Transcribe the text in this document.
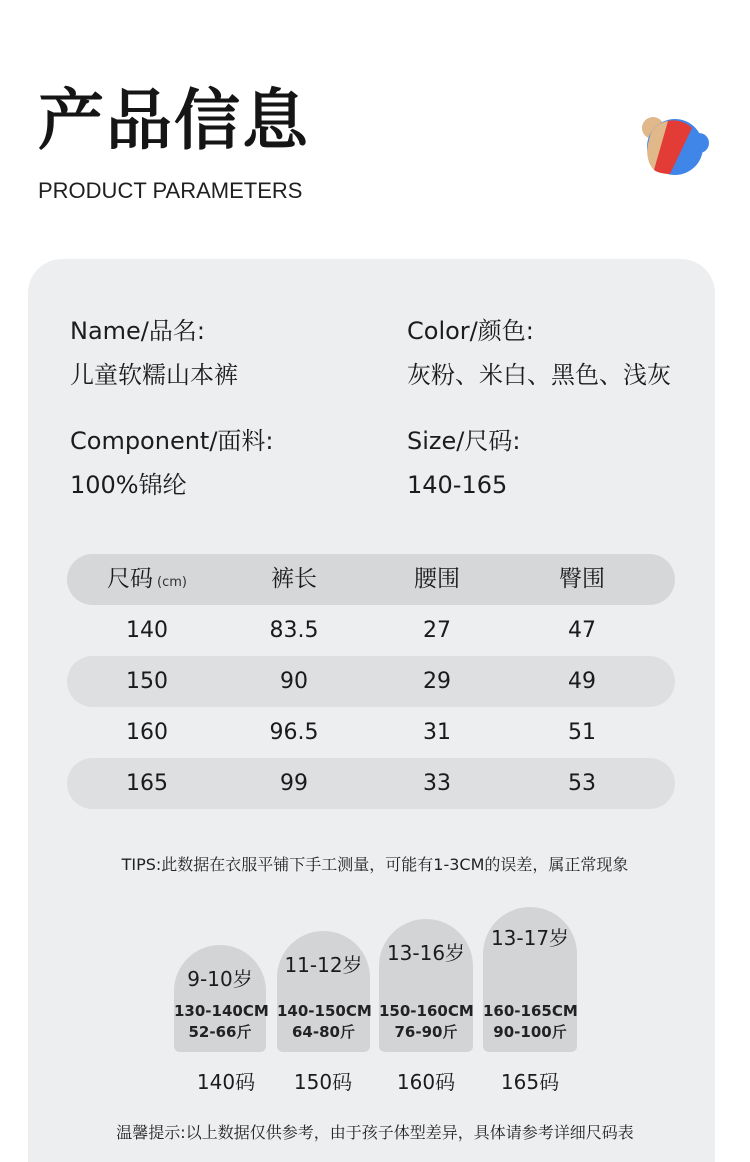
产品信息
PRODUCT PARAMETERS
Name/品名:
儿童软糯山本裤
Color/颜色:
灰粉、米白、黑色、浅灰
Component/面料:
100%锦纶
Size/尺码:
140-165
尺码 (cm)	裤长	腰围	臀围
140	83.5	27	47
150	90	29	49
160	96.5	31	51
165	99	33	53
TIPS:此数据在衣服平铺下手工测量，可能有1-3CM的误差，属正常现象
9-10岁
130-140CM
52-66斤
11-12岁
140-150CM
64-80斤
13-16岁
150-160CM
76-90斤
13-17岁
160-165CM
90-100斤
140码	150码	160码	165码
温馨提示:以上数据仅供参考，由于孩子体型差异，具体请参考详细尺码表
